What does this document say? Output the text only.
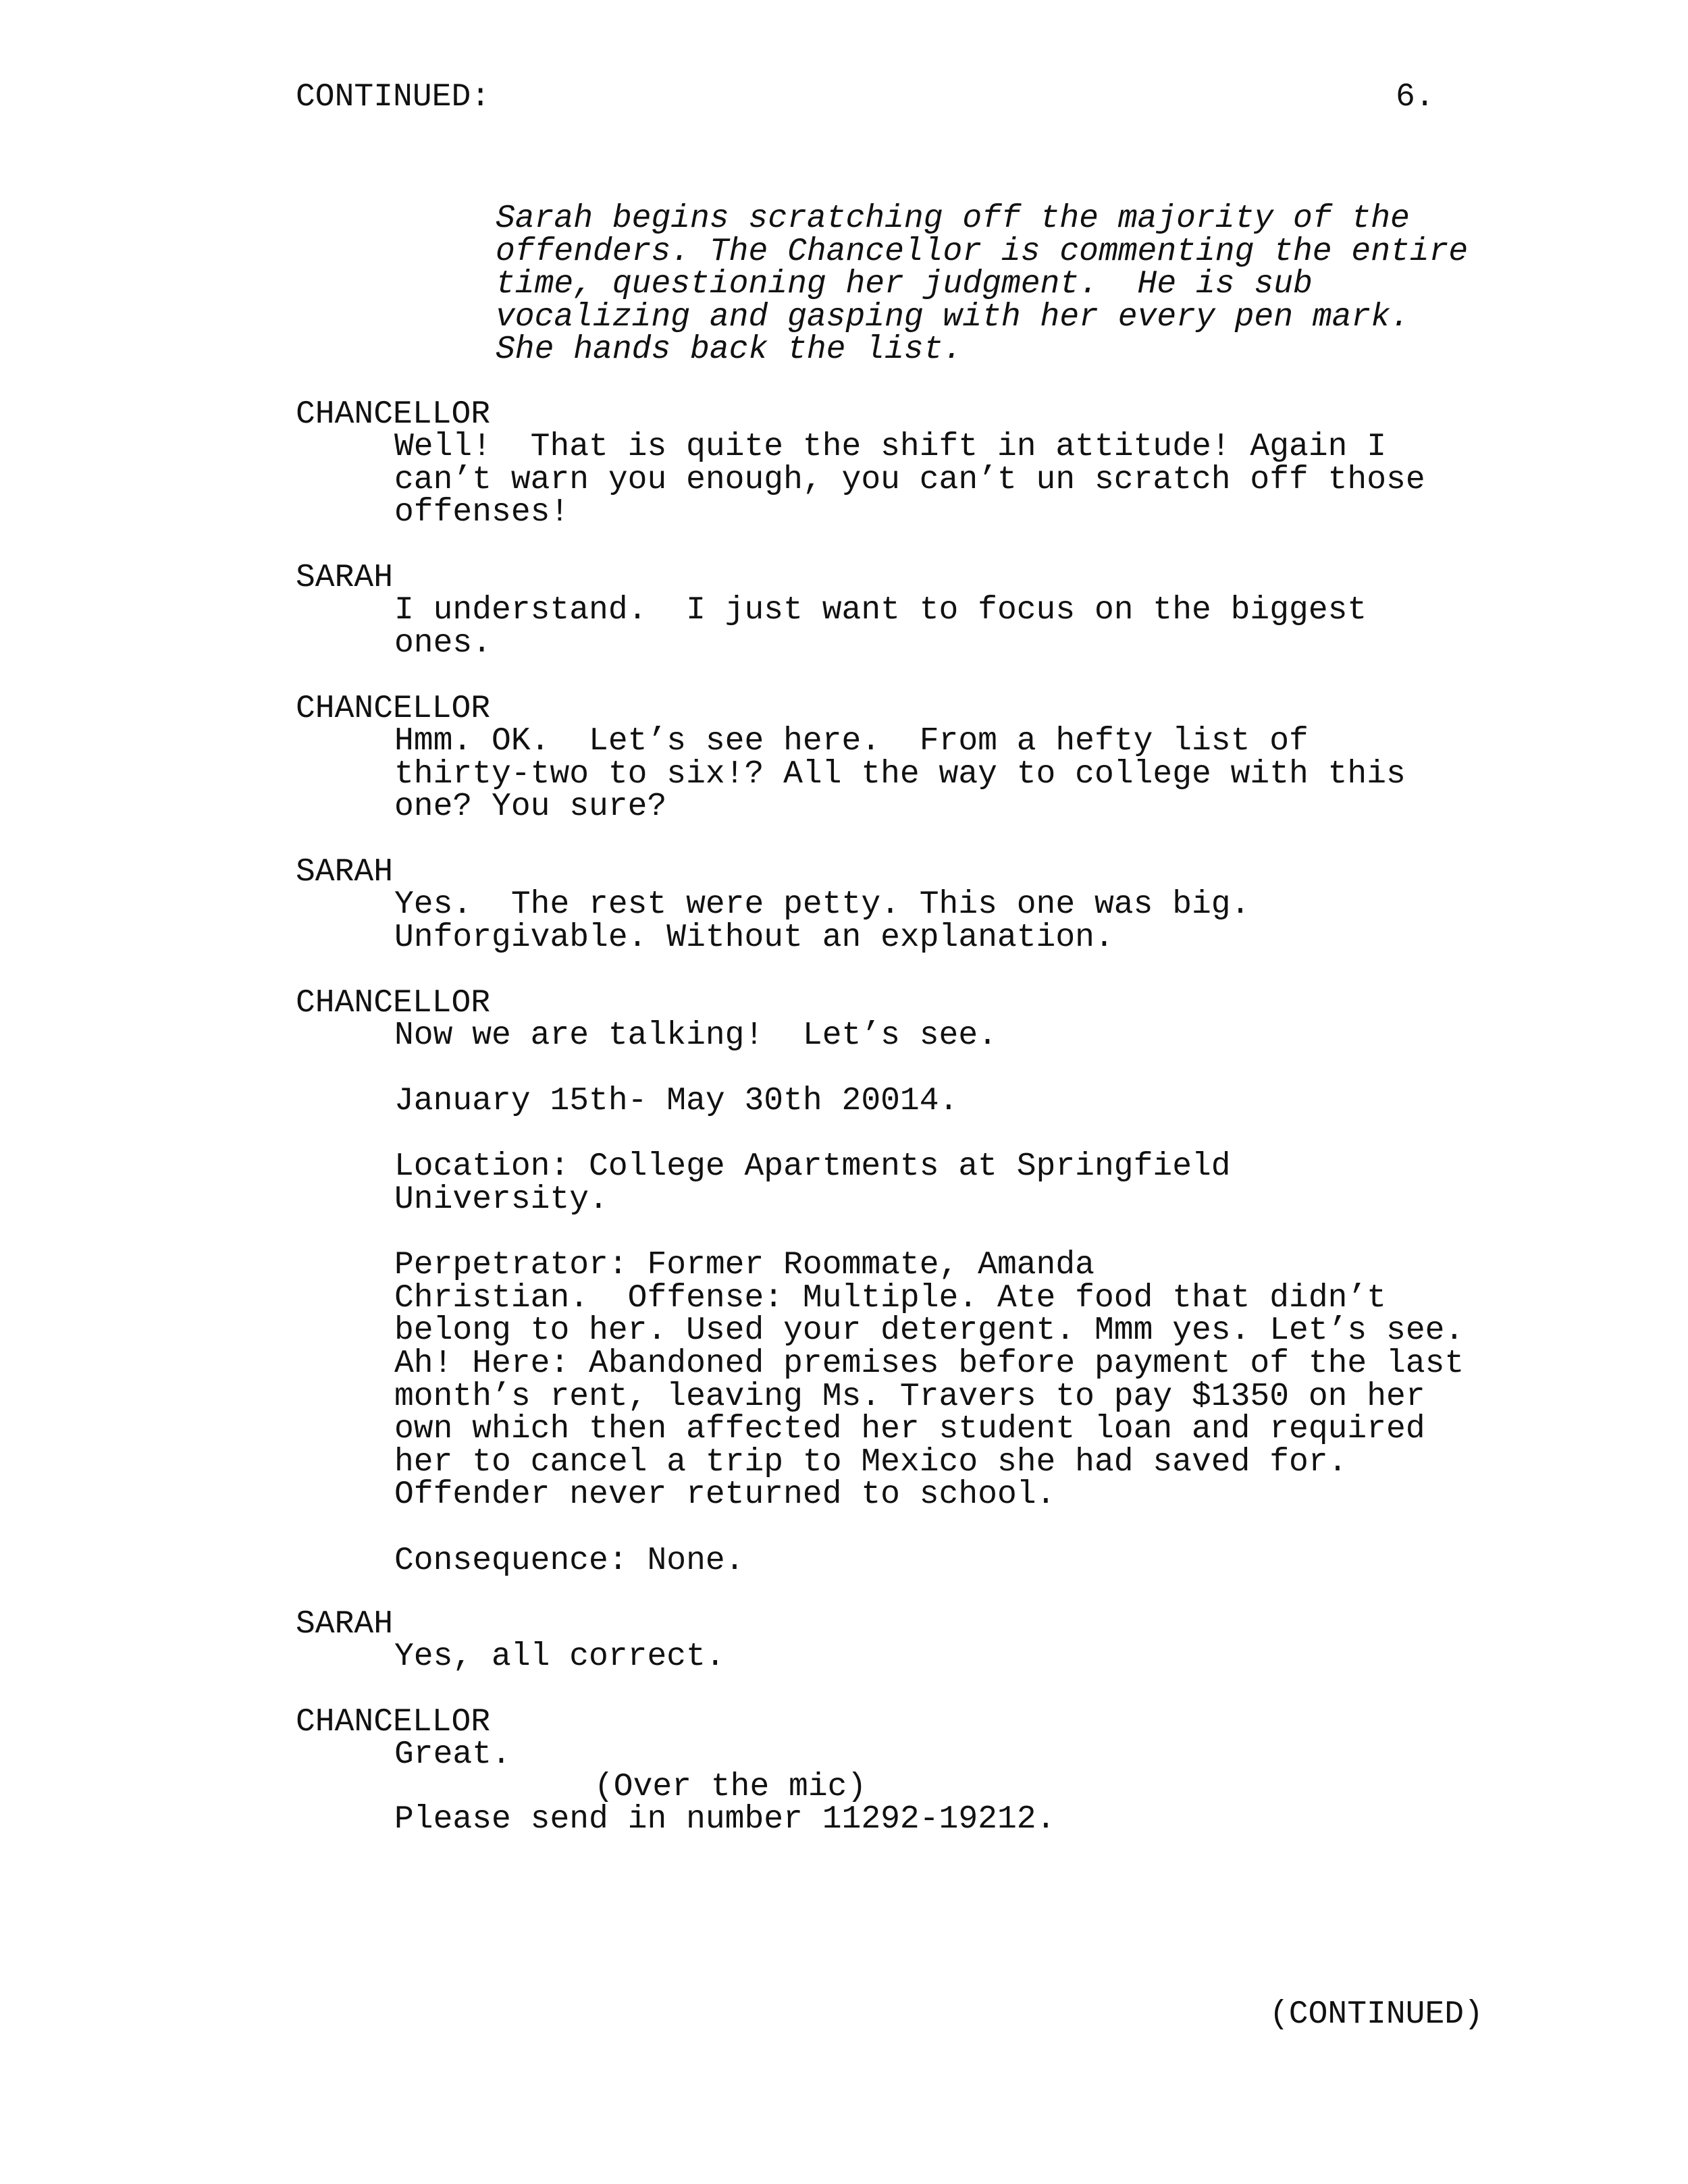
CONTINUED:	6.
Sarah begins scratching off the majority of the
offenders. The Chancellor is commenting the entire
time, questioning her judgment.  He is sub
vocalizing and gasping with her every pen mark.
She hands back the list.
CHANCELLOR
Well!  That is quite the shift in attitude! Again I
can’t warn you enough, you can’t un scratch off those
offenses!
SARAH
I understand.  I just want to focus on the biggest
ones.
CHANCELLOR
Hmm. OK.  Let’s see here.  From a hefty list of
thirty-two to six!? All the way to college with this
one? You sure?
SARAH
Yes.  The rest were petty. This one was big.
Unforgivable. Without an explanation.
CHANCELLOR
Now we are talking!  Let’s see.

January 15th- May 30th 20014.

Location: College Apartments at Springfield
University.

Perpetrator: Former Roommate, Amanda
Christian.  Offense: Multiple. Ate food that didn’t
belong to her. Used your detergent. Mmm yes. Let’s see.
Ah! Here: Abandoned premises before payment of the last
month’s rent, leaving Ms. Travers to pay $1350 on her
own which then affected her student loan and required
her to cancel a trip to Mexico she had saved for.
Offender never returned to school.

Consequence: None.
SARAH
Yes, all correct.
CHANCELLOR
Great.
(Over the mic)
Please send in number 11292-19212.
(CONTINUED)
